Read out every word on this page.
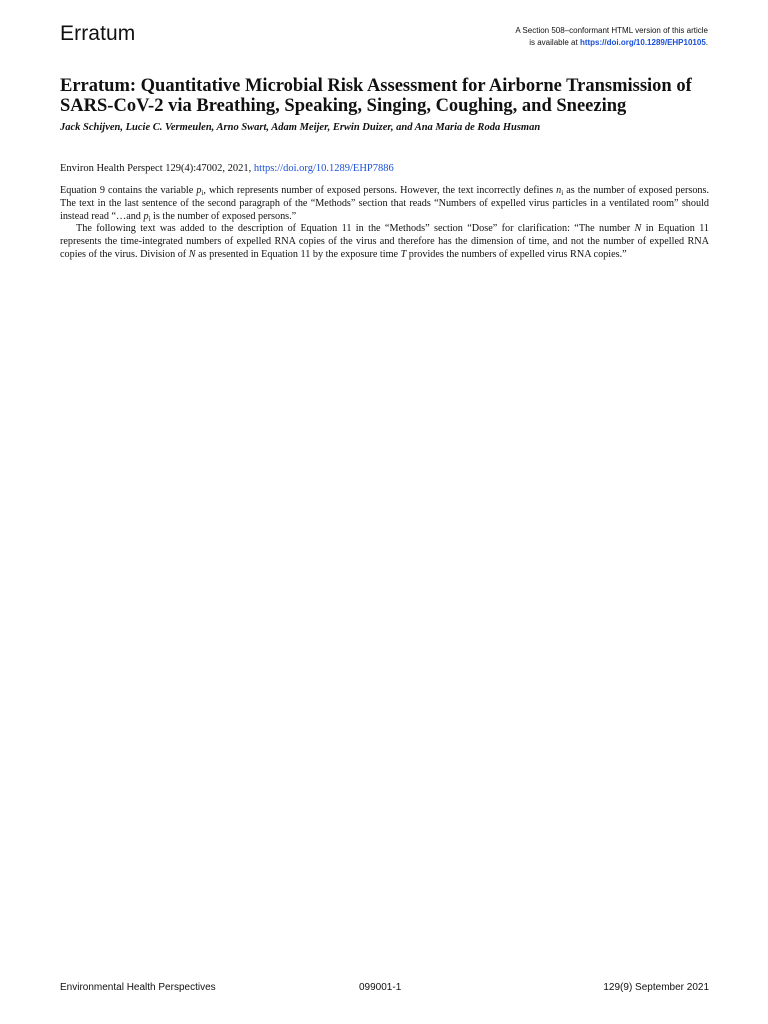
Erratum	A Section 508–conformant HTML version of this article
is available at https://doi.org/10.1289/EHP10105.
Erratum: Quantitative Microbial Risk Assessment for Airborne Transmission of SARS-CoV-2 via Breathing, Speaking, Singing, Coughing, and Sneezing
Jack Schijven, Lucie C. Vermeulen, Arno Swart, Adam Meijer, Erwin Duizer, and Ana Maria de Roda Husman
Environ Health Perspect 129(4):47002, 2021, https://doi.org/10.1289/EHP7886

Equation 9 contains the variable $p_i$, which represents number of exposed persons. However, the text incorrectly defines $n_i$ as the number of exposed persons. The text in the last sentence of the second paragraph of the “Methods” section that reads “Numbers of expelled virus particles in a ventilated room” should instead read “…and $p_i$ is the number of exposed persons.”

The following text was added to the description of Equation 11 in the “Methods” section “Dose” for clarification: “The number N in Equation 11 represents the time-integrated numbers of expelled RNA copies of the virus and therefore has the dimension of time, and not the number of expelled RNA copies of the virus. Division of N as presented in Equation 11 by the exposure time T provides the numbers of expelled virus RNA copies.”

Environmental Health Perspectives	099001-1	129(9) September 2021
